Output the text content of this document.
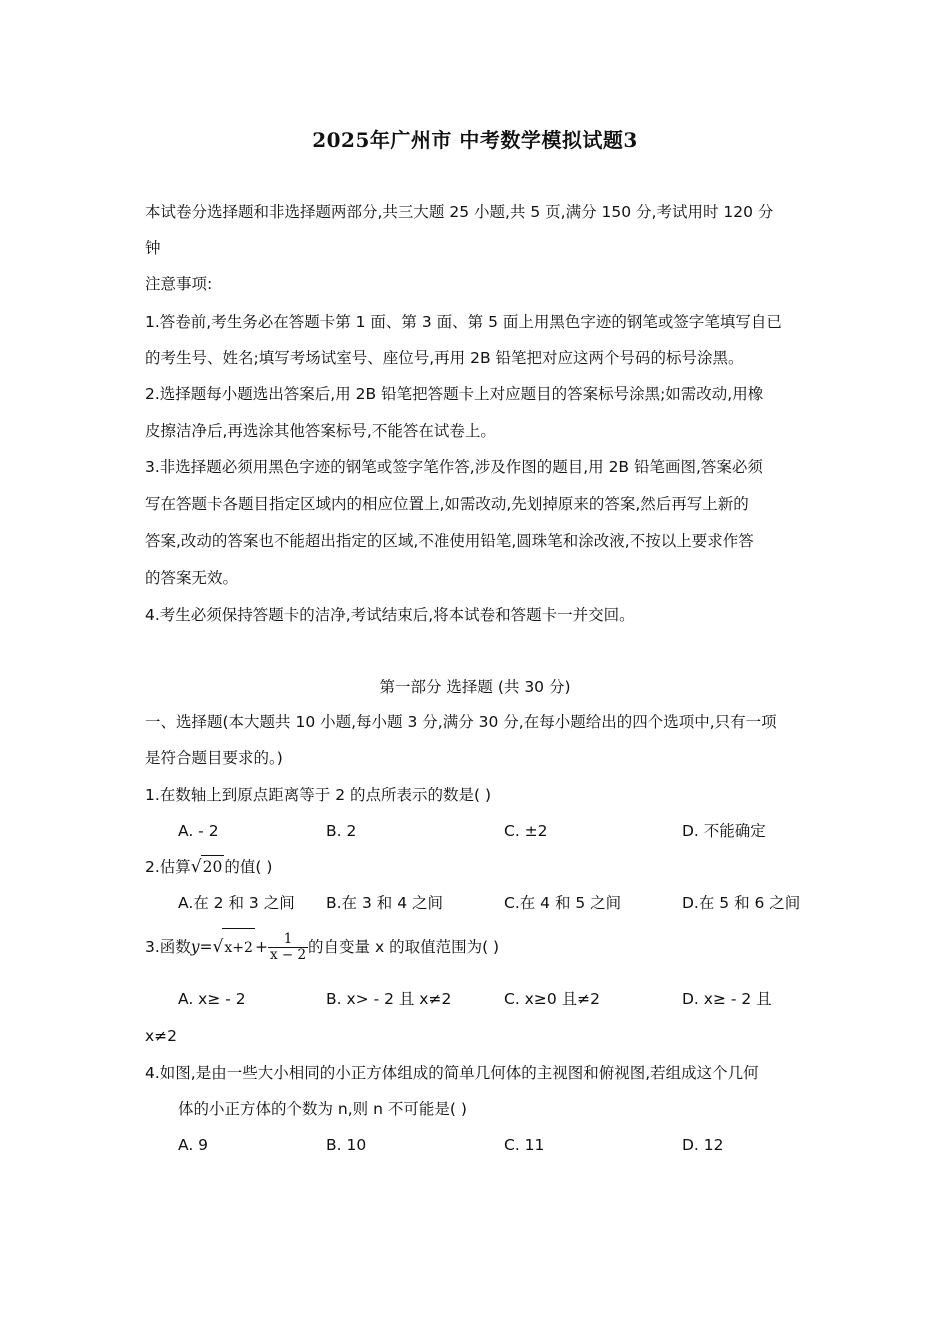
2025年广州市 中考数学模拟试题3
本试卷分选择题和非选择题两部分,共三大题 25 小题,共 5 页,满分 150 分,考试用时 120 分
钟
注意事项:
1.答卷前,考生务必在答题卡第 1 面、第 3 面、第 5 面上用黑色字迹的钢笔或签字笔填写自已
的考生号、姓名;填写考场试室号、座位号,再用 2B 铅笔把对应这两个号码的标号涂黑。
2.选择题每小题选出答案后,用 2B 铅笔把答题卡上对应题目的答案标号涂黑;如需改动,用橡
皮擦洁净后,再选涂其他答案标号,不能答在试卷上。
3.非选择题必须用黑色字迹的钢笔或签字笔作答,涉及作图的题目,用 2B 铅笔画图,答案必须
写在答题卡各题目指定区域内的相应位置上,如需改动,先划掉原来的答案,然后再写上新的
答案,改动的答案也不能超出指定的区域,不准使用铅笔,圆珠笔和涂改液,不按以上要求作答
的答案无效。
4.考生必须保持答题卡的洁净,考试结束后,将本试卷和答题卡一并交回。
第一部分 选择题 (共 30 分)
一、选择题(本大题共 10 小题,每小题 3 分,满分 30 分,在每小题给出的四个选项中,只有一项
是符合题目要求的。)
1.在数轴上到原点距离等于 2 的点所表示的数是( )
A. - 2	B. 2	C. ±2	D. 不能确定
2.估算√20 的值( )
A.在 2 和 3 之间 B.在 3 和 4 之间	C.在 4 和 5 之间	D.在 5 和 6 之间
3.函数$y=√x+2 + \frac{1}{x - 2}$ 的自变量 x 的取值范围为( )
A. x≥ - 2	B. x> - 2 且 x≠2	C. x≥0 且≠2	D. x≥ - 2 且
x≠2
4.如图,是由一些大小相同的小正方体组成的简单几何体的主视图和俯视图,若组成这个几何
体的小正方体的个数为 n,则 n 不可能是( )
A. 9	B. 10	C. 11	D. 12
